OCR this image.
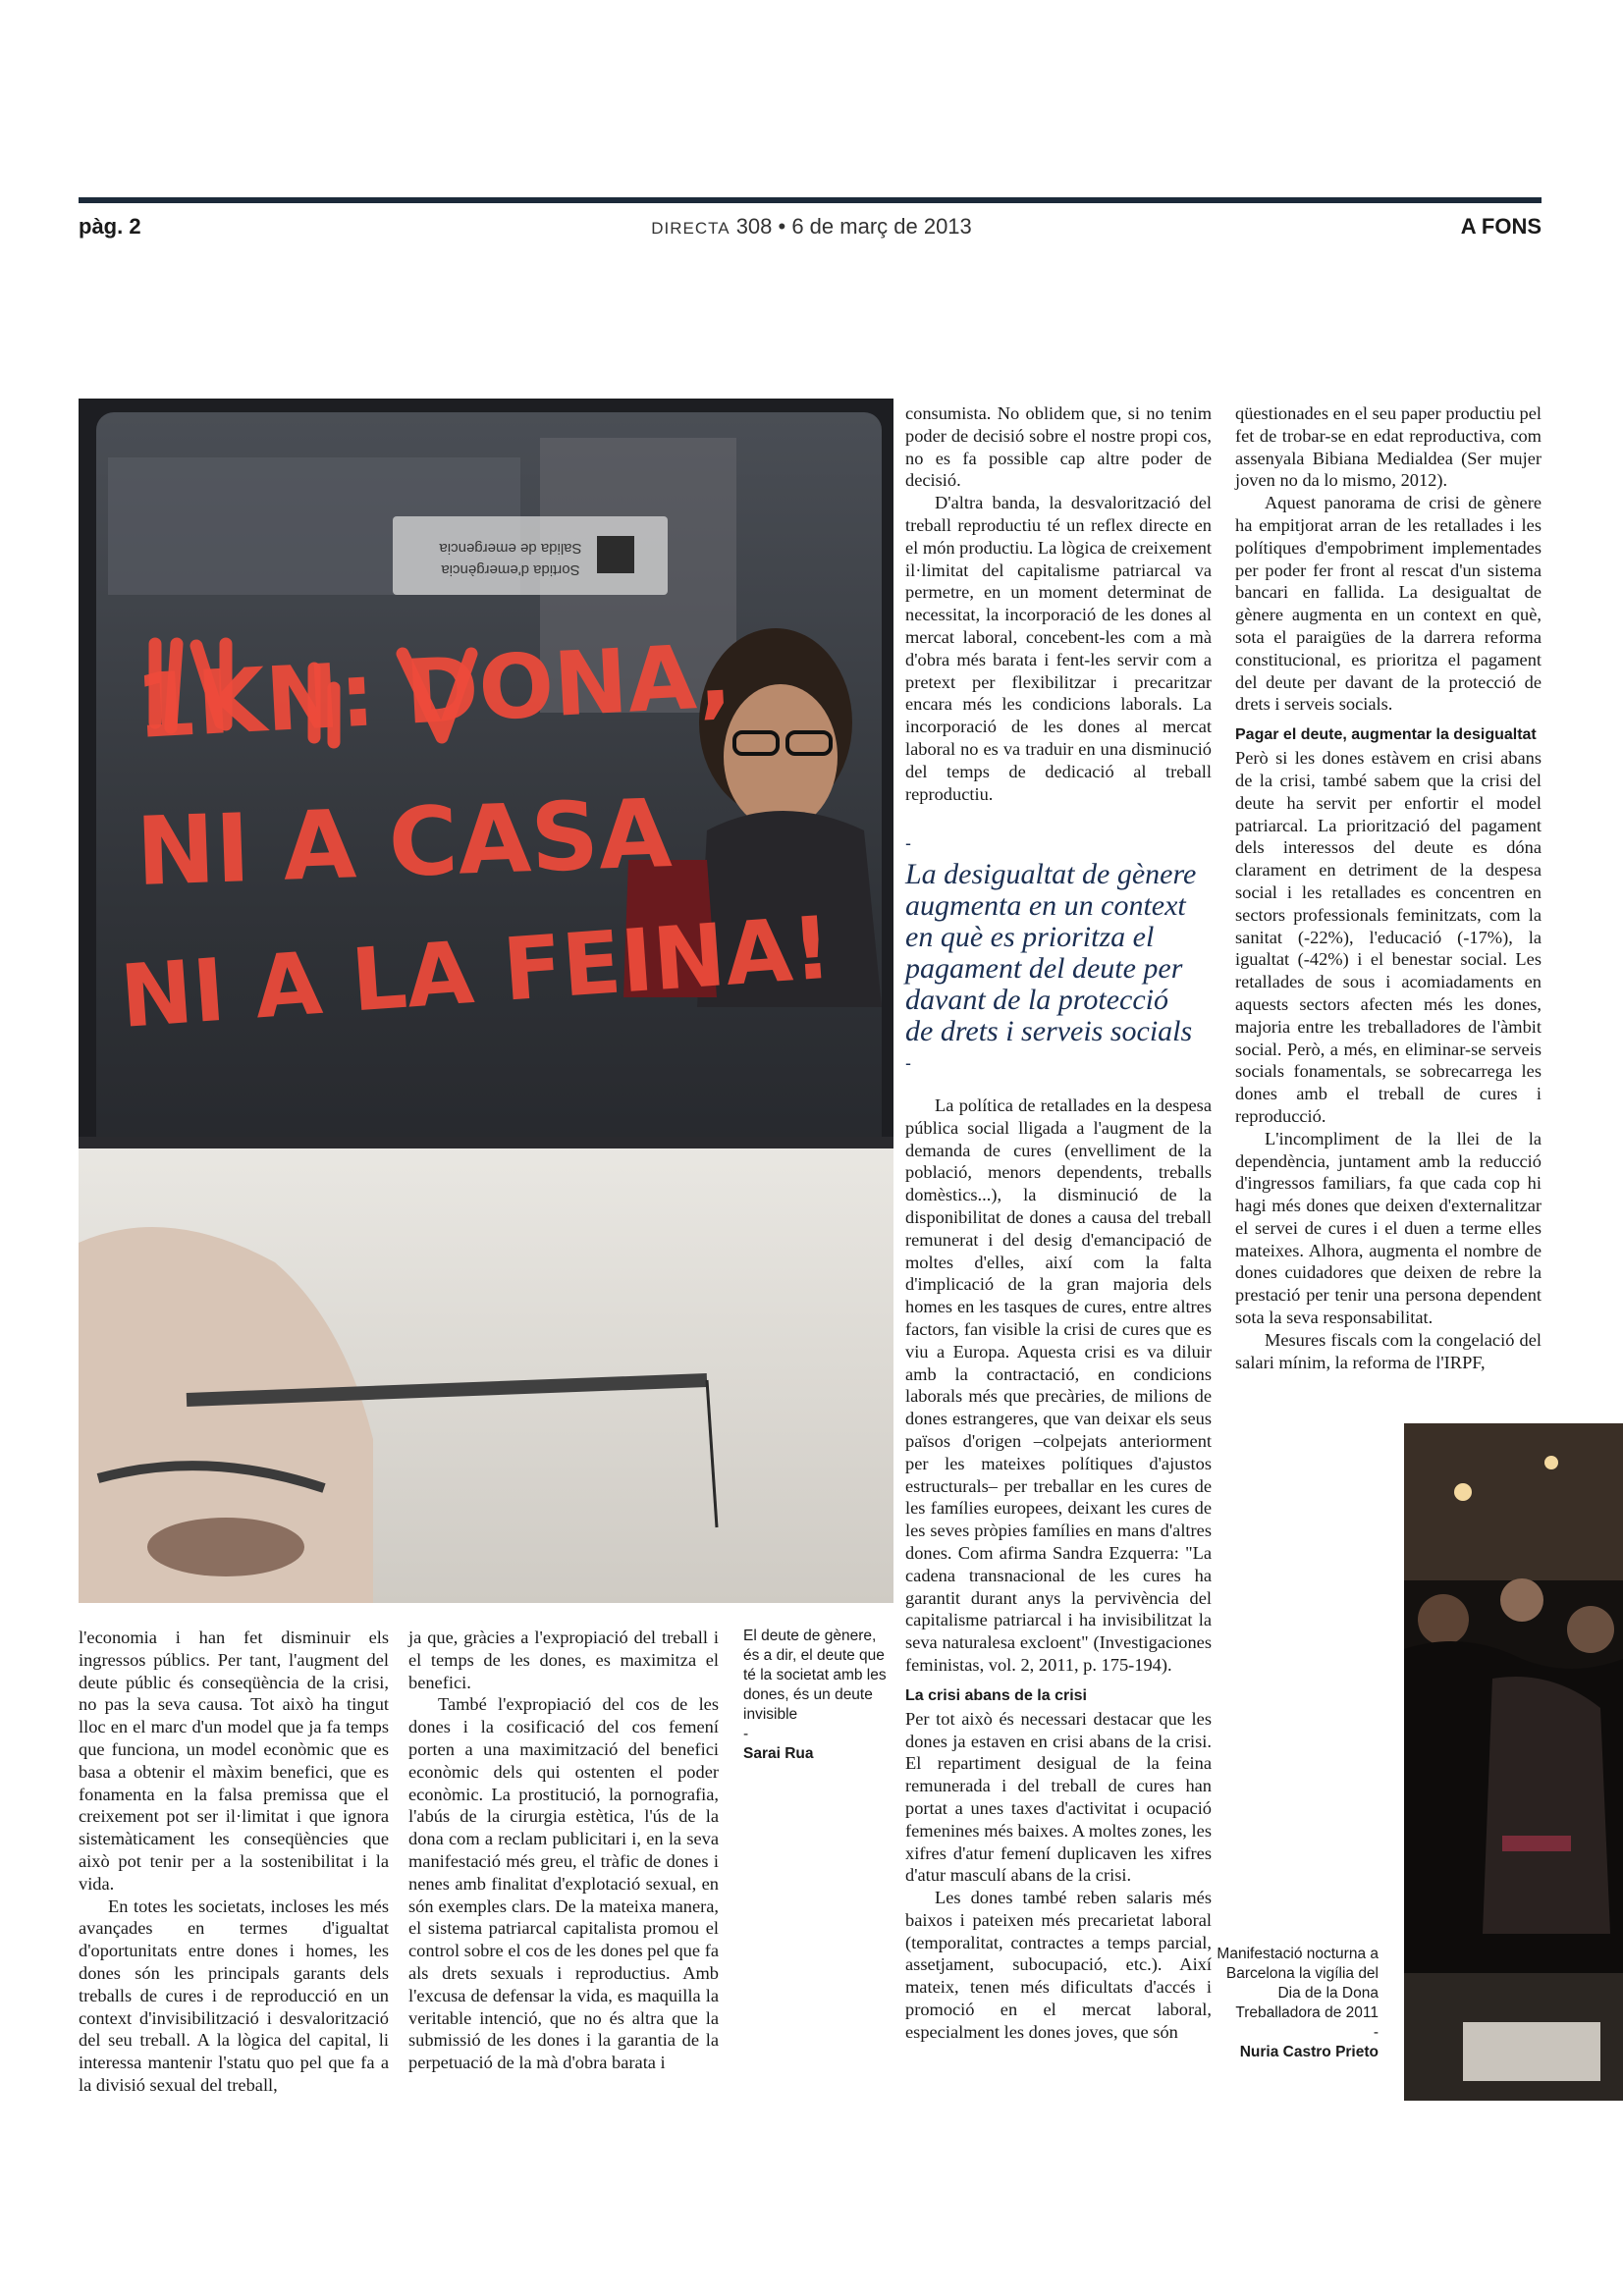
pàg. 2	DIRECTA 308 • 6 de març de 2013	A FONS
Sortida d'emergència
Salida de emergencia
1KN: DONA,
NI A CASA
NI A LA FEINA!
El deute de gènere, és a dir, el deute que té la societat amb les dones, és un deute invisible
-
Sarai Rua
Manifestació nocturna a Barcelona la vigília del Dia de la Dona Treballadora de 2011
-
Nuria Castro Prieto
-
La desigualtat de gènere augmenta en un context en què es prioritza el pagament del deute per davant de la protecció de drets i serveis socials
-

l'economia i han fet disminuir els ingressos públics. Per tant, l'augment del deute públic és conseqüència de la crisi, no pas la seva causa. Tot això ha tingut lloc en el marc d'un model que ja fa temps que funciona, un model econòmic que es basa a obtenir el màxim benefici, que es fonamenta en la falsa premissa que el creixement pot ser il·limitat i que ignora sistemàticament les conseqüències que això pot tenir per a la sostenibilitat i la vida.

En totes les societats, incloses les més avançades en termes d'igualtat d'oportunitats entre dones i homes, les dones són les principals garants dels treballs de cures i de reproducció en un context d'invisibilització i desvalorització del seu treball. A la lògica del capital, li interessa mantenir l'statu quo pel que fa a la divisió sexual del treball,

ja que, gràcies a l'expropiació del treball i el temps de les dones, es maximitza el benefici.

També l'expropiació del cos de les dones i la cosificació del cos femení porten a una maximització del benefici econòmic dels qui ostenten el poder econòmic. La prostitució, la pornografia, l'abús de la cirurgia estètica, l'ús de la dona com a reclam publicitari i, en la seva manifestació més greu, el tràfic de dones i nenes amb finalitat d'explotació sexual, en són exemples clars. De la mateixa manera, el sistema patriarcal capitalista promou el control sobre el cos de les dones pel que fa als drets sexuals i reproductius. Amb l'excusa de defensar la vida, es maquilla la veritable intenció, que no és altra que la submissió de les dones i la garantia de la perpetuació de la mà d'obra barata i

consumista. No oblidem que, si no tenim poder de decisió sobre el nostre propi cos, no es fa possible cap altre poder de decisió.

D'altra banda, la desvalorització del treball reproductiu té un reflex directe en el món productiu. La lògica de creixement il·limitat del capitalisme patriarcal va permetre, en un moment determinat de necessitat, la incorporació de les dones al mercat laboral, concebent-les com a mà d'obra més barata i fent-les servir com a pretext per flexibilitzar i precaritzar encara més les condicions laborals. La incorporació de les dones al mercat laboral no es va traduir en una disminució del temps de dedicació al treball reproductiu.

La política de retallades en la despesa pública social lligada a l'augment de la demanda de cures (envelliment de la població, menors dependents, treballs domèstics...), la disminució de la disponibilitat de dones a causa del treball remunerat i del desig d'emancipació de moltes d'elles, així com la falta d'implicació de la gran majoria dels homes en les tasques de cures, entre altres factors, fan visible la crisi de cures que es viu a Europa. Aquesta crisi es va diluir amb la contractació, en condicions laborals més que precàries, de milions de dones estrangeres, que van deixar els seus països d'origen –colpejats anteriorment per les mateixes polítiques d'ajustos estructurals– per treballar en les cures de les famílies europees, deixant les cures de les seves pròpies famílies en mans d'altres dones. Com afirma Sandra Ezquerra: "La cadena transnacional de les cures ha garantit durant anys la pervivència del capitalisme patriarcal i ha invisibilitzat la seva naturalesa excloent" (Investigaciones feministas, vol. 2, 2011, p. 175-194).

La crisi abans de la crisi

Per tot això és necessari destacar que les dones ja estaven en crisi abans de la crisi. El repartiment desigual de la feina remunerada i del treball de cures han portat a unes taxes d'activitat i ocupació femenines més baixes. A moltes zones, les xifres d'atur femení duplicaven les xifres d'atur masculí abans de la crisi.

Les dones també reben salaris més baixos i pateixen més precarietat laboral (temporalitat, contractes a temps parcial, assetjament, subocupació, etc.). Així mateix, tenen més dificultats d'accés i promoció en el mercat laboral, especialment les dones joves, que són

qüestionades en el seu paper productiu pel fet de trobar-se en edat reproductiva, com assenyala Bibiana Medialdea (Ser mujer joven no da lo mismo, 2012).

Aquest panorama de crisi de gènere ha empitjorat arran de les retallades i les polítiques d'empobriment implementades per poder fer front al rescat d'un sistema bancari en fallida. La desigualtat de gènere augmenta en un context en què, sota el paraigües de la darrera reforma constitucional, es prioritza el pagament del deute per davant de la protecció de drets i serveis socials.

Pagar el deute, augmentar la desigualtat

Però si les dones estàvem en crisi abans de la crisi, també sabem que la crisi del deute ha servit per enfortir el model patriarcal. La priorització del pagament dels interessos del deute es dóna clarament en detriment de la despesa social i les retallades es concentren en sectors professionals feminitzats, com la sanitat (-22%), l'educació (-17%), la igualtat (-42%) i el benestar social. Les retallades de sous i acomiadaments en aquests sectors afecten més les dones, majoria entre les treballadores de l'àmbit social. Però, a més, en eliminar-se serveis socials fonamentals, se sobrecarrega les dones amb el treball de cures i reproducció.

L'incompliment de la llei de la dependència, juntament amb la reducció d'ingressos familiars, fa que cada cop hi hagi més dones que deixen d'externalitzar el servei de cures i el duen a terme elles mateixes. Alhora, augmenta el nombre de dones cuidadores que deixen de rebre la prestació per tenir una persona dependent sota la seva responsabilitat.

Mesures fiscals com la congelació del salari mínim, la reforma de l'IRPF,
